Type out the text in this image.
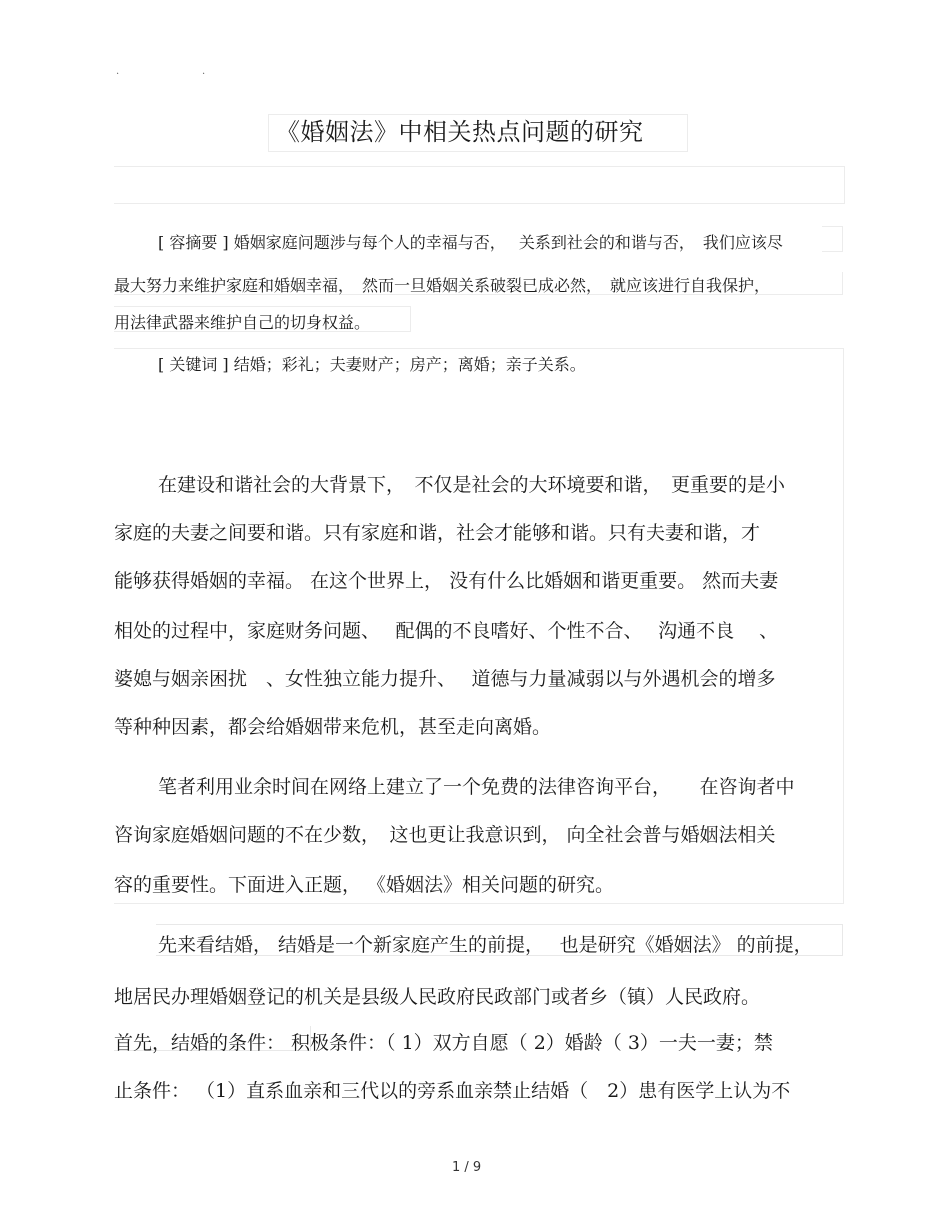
.	.
《婚姻法》中相关热点问题的研究
[ 容摘要 ] 婚姻家庭问题涉与每个人的幸福与否，　 关系到社会的和谐与否，　我们应该尽
最大努力来维护家庭和婚姻幸福，　然而一旦婚姻关系破裂已成必然，　就应该进行自我保护，
用法律武器来维护自己的切身权益。
[ 关键词 ] 结婚；彩礼；夫妻财产；房产；离婚；亲子关系。
在建设和谐社会的大背景下，　不仅是社会的大环境要和谐，　更重要的是小
家庭的夫妻之间要和谐。只有家庭和谐，社会才能够和谐。只有夫妻和谐，才
能够获得婚姻的幸福。 在这个世界上， 没有什么比婚姻和谐更重要。 然而夫妻
相处的过程中，家庭财务问题、　 配偶的不良嗜好、个性不合、　 沟通不良 　、
婆媳与姻亲困扰　、女性独立能力提升、　 道德与力量减弱以与外遇机会的增多
等种种因素，都会给婚姻带来危机，甚至走向离婚。
笔者利用业余时间在网络上建立了一个免费的法律咨询平台，　　在咨询者中
咨询家庭婚姻问题的不在少数，　这也更让我意识到， 向全社会普与婚姻法相关
容的重要性。下面进入正题， 《婚姻法》相关问题的研究。
先来看结婚， 结婚是一个新家庭产生的前提，　 也是研究《婚姻法》 的前提，
地居民办理婚姻登记的机关是县级人民政府民政部门或者乡（镇）人民政府。
首先，结婚的条件： 积极条件：（ 1）双方自愿（ 2）婚龄（ 3）一夫一妻；禁
止条件： （1）直系血亲和三代以的旁系血亲禁止结婚（　2）患有医学上认为不
1 / 9
